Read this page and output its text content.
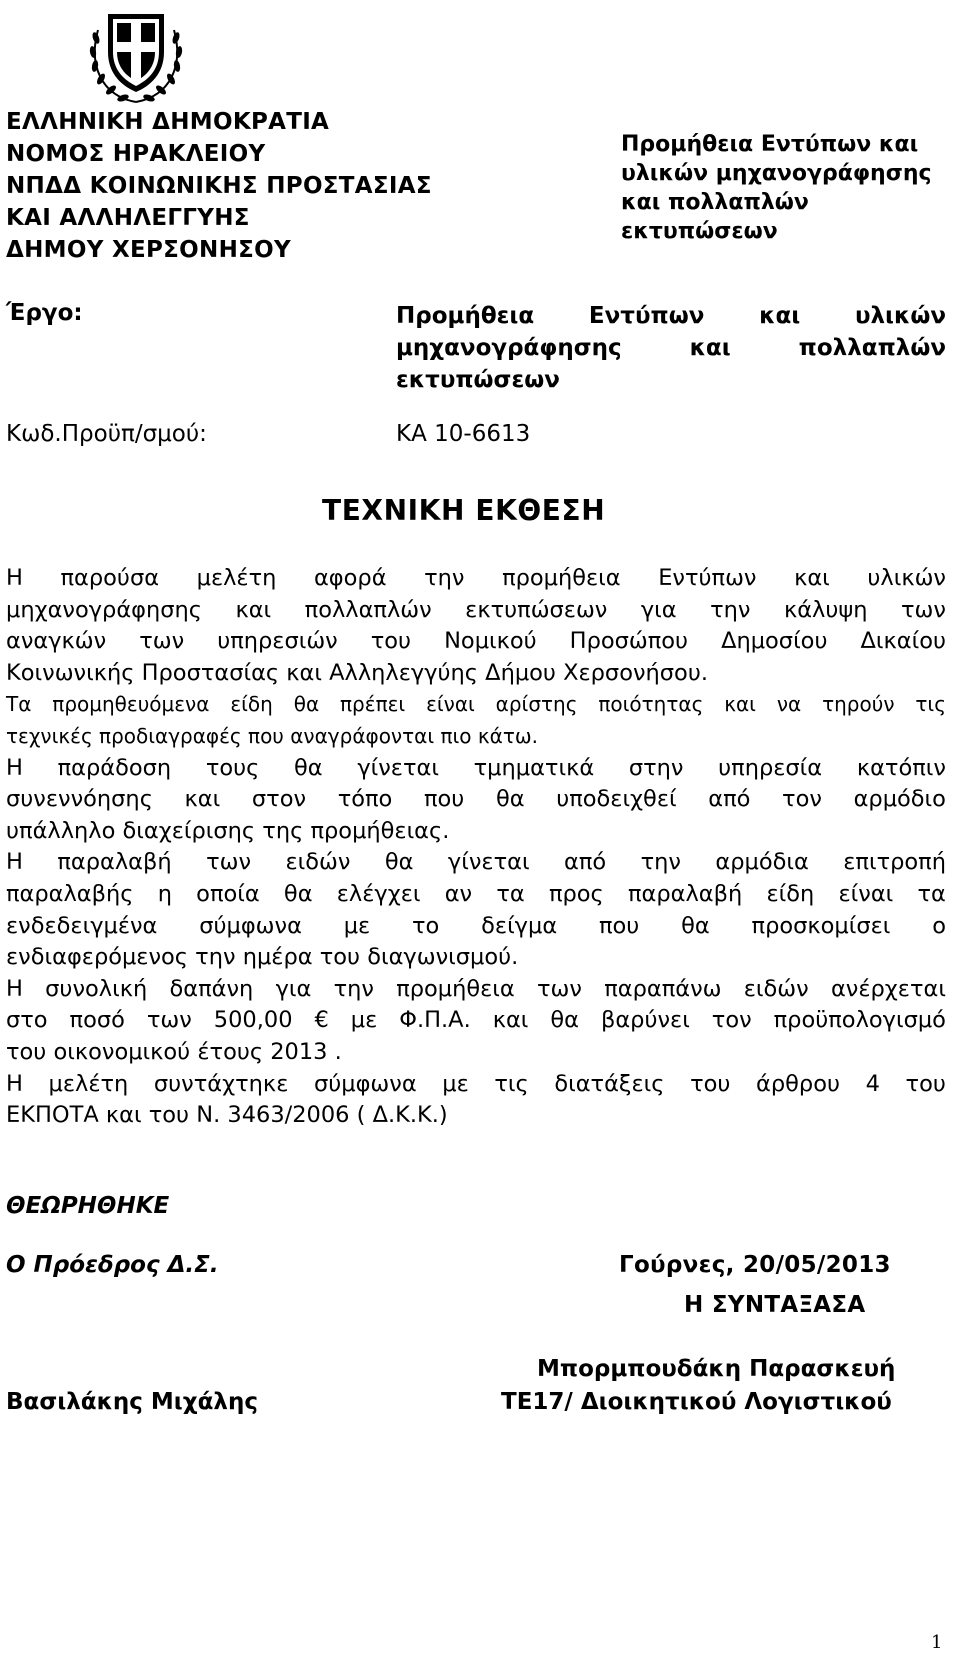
ΕΛΛΗΝΙΚΗ ΔΗΜΟΚΡΑΤΙΑ
ΝΟΜΟΣ ΗΡΑΚΛΕΙΟΥ
ΝΠΔΔ ΚΟΙΝΩΝΙΚΗΣ ΠΡΟΣΤΑΣΙΑΣ
ΚΑΙ ΑΛΛΗΛΕΓΓΥΗΣ
ΔΗΜΟΥ ΧΕΡΣΟΝΗΣΟΥ
Προμήθεια Εντύπων και
υλικών μηχανογράφησης
και πολλαπλών
εκτυπώσεων
Έργο:	Προμήθεια Εντύπων και υλικών
μηχανογράφησης	και	πολλαπλών
εκτυπώσεων
Κωδ.Προϋπ/σμού:	ΚΑ 10-6613
ΤΕΧΝΙΚΗ ΕΚΘΕΣΗ
Η παρούσα μελέτη αφορά την προμήθεια Εντύπων και υλικών
μηχανογράφησης και πολλαπλών εκτυπώσεων για την κάλυψη των
αναγκών των υπηρεσιών του Νομικού Προσώπου Δημοσίου Δικαίου
Κοινωνικής Προστασίας και Αλληλεγγύης Δήμου Χερσονήσου.
Τα προμηθευόμενα είδη θα πρέπει είναι αρίστης ποιότητας και να τηρούν τις
τεχνικές προδιαγραφές που αναγράφονται πιο κάτω.
Η παράδοση τους θα γίνεται τμηματικά στην υπηρεσία κατόπιν
συνεννόησης και στον τόπο που θα υποδειχθεί από τον αρμόδιο
υπάλληλο διαχείρισης της προμήθειας.
Η παραλαβή των ειδών θα γίνεται από την αρμόδια επιτροπή
παραλαβής η οποία θα ελέγχει αν τα προς παραλαβή είδη είναι τα
ενδεδειγμένα σύμφωνα με το δείγμα που θα προσκομίσει ο
ενδιαφερόμενος την ημέρα του διαγωνισμού.
Η συνολική δαπάνη για την προμήθεια των παραπάνω ειδών ανέρχεται
στο ποσό των 500,00 € με Φ.Π.Α. και θα βαρύνει τον προϋπολογισμό
του οικονομικού έτους 2013 .
Η μελέτη συντάχτηκε σύμφωνα με τις διατάξεις του άρθρου 4 του
ΕΚΠΟΤΑ και του Ν. 3463/2006 ( Δ.Κ.Κ.)
ΘΕΩΡΗΘΗΚΕ
Ο Πρόεδρος Δ.Σ.	Γούρνες, 20/05/2013
Η ΣΥΝΤΑΞΑΣΑ
Μπορμπουδάκη Παρασκευή
ΤΕ17/ Διοικητικού Λογιστικού
Βασιλάκης Μιχάλης
1
